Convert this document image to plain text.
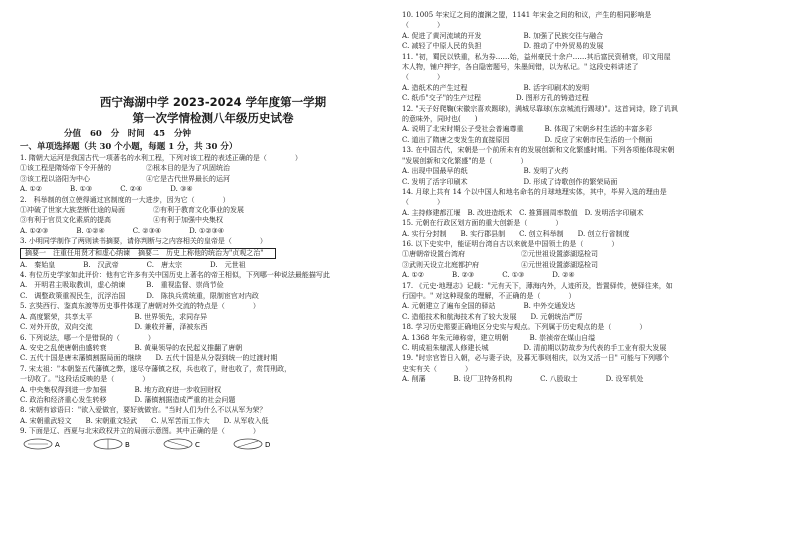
西宁海湖中学 2023-2024 学年度第一学期
第一次学情检测八年级历史试卷
分值 60 分　时间　45 分钟
一、单项选择题（共 30 个小题，每题 1 分，共 30 分）
1. 隋朝大运河是我国古代一项著名的水利工程，下列对该工程的表述正确的是（　　　　）
①该工程是隋炀帝下令开凿的　　　　　②根本目的是为了巩固统治
③该工程以洛阳为中心　　　　　　　　④它是古代世界最长的运河
A. ①②　　　　B. ①③　　　　C. ②④　　　　D. ③④
2.　科举制的创立使得通过宫制度的一大进步，因为它（　　　　）
①冲破了世家大族垄断仕途的局面　　　　②有利于教育文化事业的发展
③有利于官员文化素质的提高　　　　　　④有利于加强中央集权
A. ①②③　　　　B. ①②④　　　　C. ②③④　　　　D. ①②③④
3. 小明同学制作了两则读书摘要，请你判断与之内容相关的皇帝是（　　　　）
摘要一　注重任用贤才和虚心纳谏 摘要二　历史上称他的统治为"贞观之治"
A.　秦始皇　　　　B.　汉武帝　　　　C.　唐太宗　　　　D.　元世祖
4. 有位历史学家如此评价：他有它许多有关中国历史上著名的帝王相似，下列哪一种说法最能描写此
A.　开明君主吸取教训，虚心纳谏　　　B.　重视监督、崇尚节俭
C.　调整政策重视民生，沉浮治国　　　D.　陈执兵赏统重，限制宦官对内政
5. 玄奘西行、鉴真东渡等历史事件体现了唐朝对外交流的特点是（　　　　）
A. 高度繁荣，共享太平　　　　　　B. 世界领先，求同存异
C. 对外开放，双向交流　　　　　　D. 兼收并蓄，泽被东西
6. 下列说法，哪一个是错误的（　　　　）
A. 安史之乱使唐朝由盛转衰　　　　B. 黄巢领导的农民起义推翻了唐朝
C. 五代十国是唐末藩镇割据局面的继续　　D. 五代十国是从分裂到统一的过渡时期
7. 宋太祖："本朝鉴五代藩镇之弊，遂尽夺藩镇之权，兵也收了，财也收了，赏罚刑政，
一切收了。"这段话反映的是（　　　　）
A. 中央集权得到进一步加强　　　　B. 地方政府进一步收回财权
C. 政治和经济重心发生转移　　　　D. 藩镇割据造成严重的社会问题
8. 宋朝有谚语曰："欲入爱做官，要好就做官。"当时人们为什么不以从军为荣？
A. 宋朝重武轻文　　B. 宋朝重文轻武　　C. 从军苦而工作大　　D. 从军收入低
9. 下面是辽、西夏与北宋政权并立的局面示意图。其中正确的是（　　　　）
A	B	C	D
10. 1005 年宋辽之间的澶渊之盟，1141 年宋金之间的和议，产生的相同影响是
（　　　　）
A. 促进了黄河流域的开发　　　　　　B. 加强了民族交往与融合
C. 减轻了中原人民的负担　　　　　　D. 推动了中外贸易的发展
11. "初，蜀民以铁重，私为券……始，益州豪民十余户……其后富民资稍衰，印文用屋
木人物，铺户押字，各自隐密题号，朱墨间错，以为私记。" 这段史料讲述了
（　　　　）
A. 造纸术的产生过程　　　　　　　　B. 活字印刷术的发明
C. 纸币"交子"的生产过程　　　　　D. 图形方孔的铸造过程
12. "天子好爬鞠(宋徽宗喜欢踢球)，满城尽靠球(东京城流行踢球)"。这首词诗，除了讥讽
的意味外，同时也(　　)
A. 说明了北宋时期公子受社会普遍尊重　　　B. 体现了宋朝乡村生活的丰富多彩
C. 道出了隋唐之变发生的直接原因　　　　　D. 反应了宋朝市民生活的一个侧面
13. 在中国古代，宋朝是一个前所未有的发展创新和文化繁盛时期。下列各项能体现宋朝
"发展创新和文化繁盛"的是（　　　　）
A. 出现中国最早的纸　　　　　　　　B. 发明了火药
C. 发明了活字印刷术　　　　　　　　D. 形成了诗歌创作的繁荣局面
14. 月球上共有 14 个以中国人和地名命名的月球地理实体，其中，毕昇入选的理由是
（　　　　）
A. 主持修建都江堰　B. 改进造纸术　C. 推算圆周率数值　D. 发明活字印刷术
15. 元朝在行政区划方面的重大创新是（　　　　）
A. 实行分封制　　B. 实行郡县制　　C. 创立科举制　　D. 创立行省制度
16. 以下史实中，能证明台湾自古以来就是中国领土的是（　　　　）
①唐朝帝设置台湾府　　　　　　　　②元世祖设置澎湖巡检司
③武则天设立北庭都护府　　　　　　④元世祖设置澎湖巡检司
A. ①②　　　　B. ②③　　　　C. ①③　　　　D. ②④
17. 《元史·地理志》记载："元有天下，薄海内外，人迹所及，皆置驿传，使驿往来，如
行国中。" 对这种现象的理解，不正确的是（　　　　）
A. 元朝建立了遍布全国的驿站　　　　B. 中外交通发达
C. 造船技术和航海技术有了较大发展　　D. 元朝统治严厉
18. 学习历史需要正确地区分史实与观点。下列属于历史观点的是（　　　　）
A. 1368 年朱元璋称帝，建立明朝　　　B. 崇祯帝在煤山自缢
C. 明成祖朱棣派人修建长城　　　　　D. 清前期以防故步为代表的手工业有很大发展
19. "时宗官皆日入朝，必与妻子诀，及暮无事则相庆，以为又活一日" 可能与下列哪个
史实有关（　　　　）
A. 削藩　　　　B. 设厂卫特务机构　　　　C. 八股取士　　　　D. 设军机处
